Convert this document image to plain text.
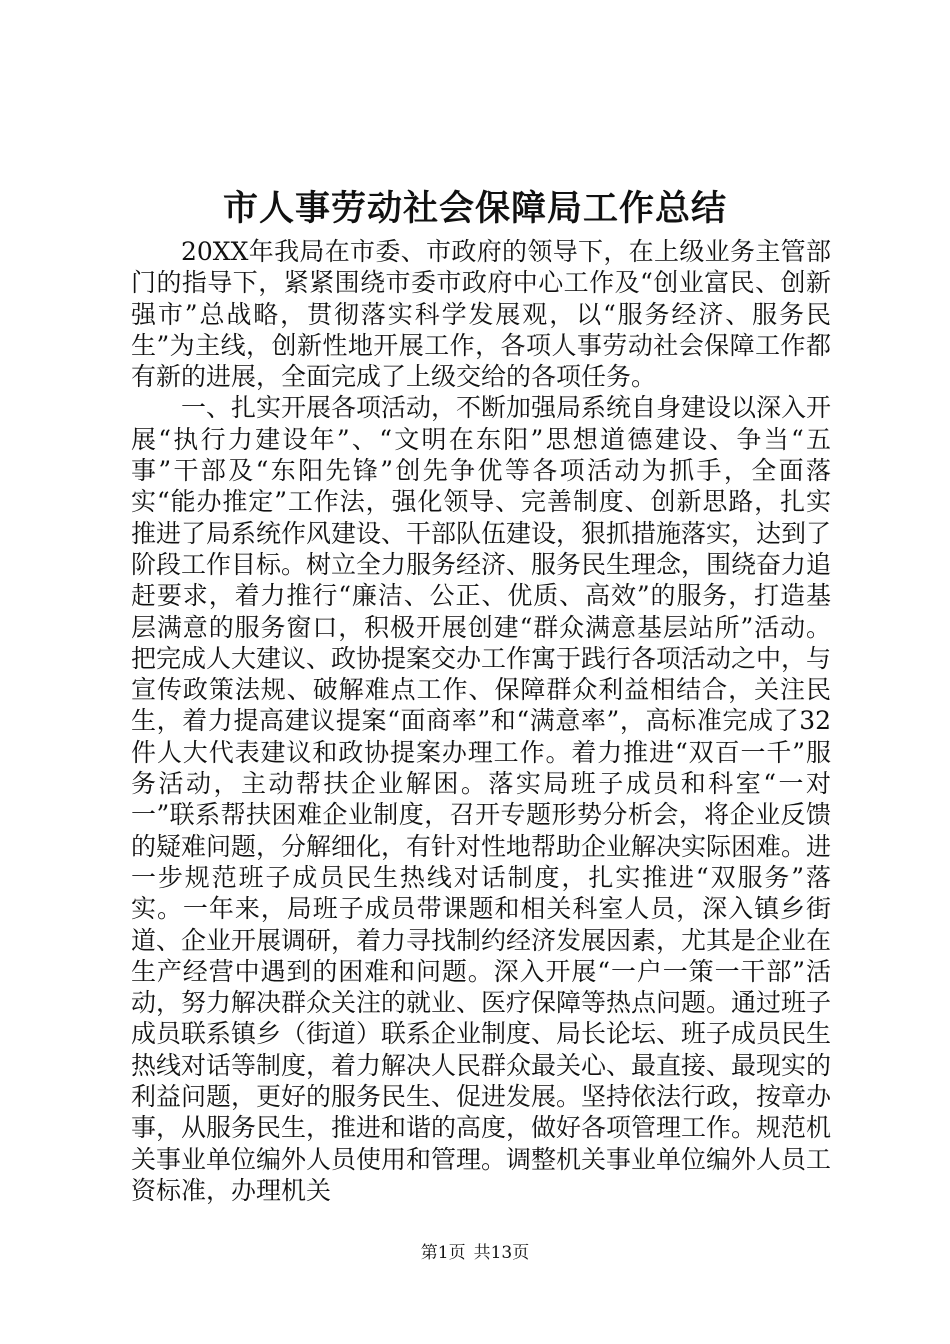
市人事劳动社会保障局工作总结

20XX年我局在市委、市政府的领导下，在上级业务主管部门的指导下，紧紧围绕市委市政府中心工作及“创业富民、创新强市”总战略，贯彻落实科学发展观，以“服务经济、服务民生”为主线，创新性地开展工作，各项人事劳动社会保障工作都有新的进展，全面完成了上级交给的各项任务。

一、扎实开展各项活动，不断加强局系统自身建设以深入开展“执行力建设年”、“文明在东阳”思想道德建设、争当“五事”干部及“东阳先锋”创先争优等各项活动为抓手，全面落实“能办推定”工作法，强化领导、完善制度、创新思路，扎实推进了局系统作风建设、干部队伍建设，狠抓措施落实，达到了阶段工作目标。树立全力服务经济、服务民生理念，围绕奋力追赶要求，着力推行“廉洁、公正、优质、高效”的服务，打造基层满意的服务窗口，积极开展创建“群众满意基层站所”活动。把完成人大建议、政协提案交办工作寓于践行各项活动之中，与宣传政策法规、破解难点工作、保障群众利益相结合，关注民生，着力提高建议提案“面商率”和“满意率”，高标准完成了32件人大代表建议和政协提案办理工作。着力推进“双百一千”服务活动，主动帮扶企业解困。落实局班子成员和科室“一对一”联系帮扶困难企业制度，召开专题形势分析会，将企业反馈的疑难问题，分解细化，有针对性地帮助企业解决实际困难。进一步规范班子成员民生热线对话制度，扎实推进“双服务”落实。一年来，局班子成员带课题和相关科室人员，深入镇乡街道、企业开展调研，着力寻找制约经济发展因素，尤其是企业在生产经营中遇到的困难和问题。深入开展“一户一策一干部”活动，努力解决群众关注的就业、医疗保障等热点问题。通过班子成员联系镇乡（街道）联系企业制度、局长论坛、班子成员民生热线对话等制度，着力解决人民群众最关心、最直接、最现实的利益问题，更好的服务民生、促进发展。坚持依法行政，按章办事，从服务民生，推进和谐的高度，做好各项管理工作。规范机关事业单位编外人员使用和管理。调整机关事业单位编外人员工资标准，办理机关

第1页 共13页
